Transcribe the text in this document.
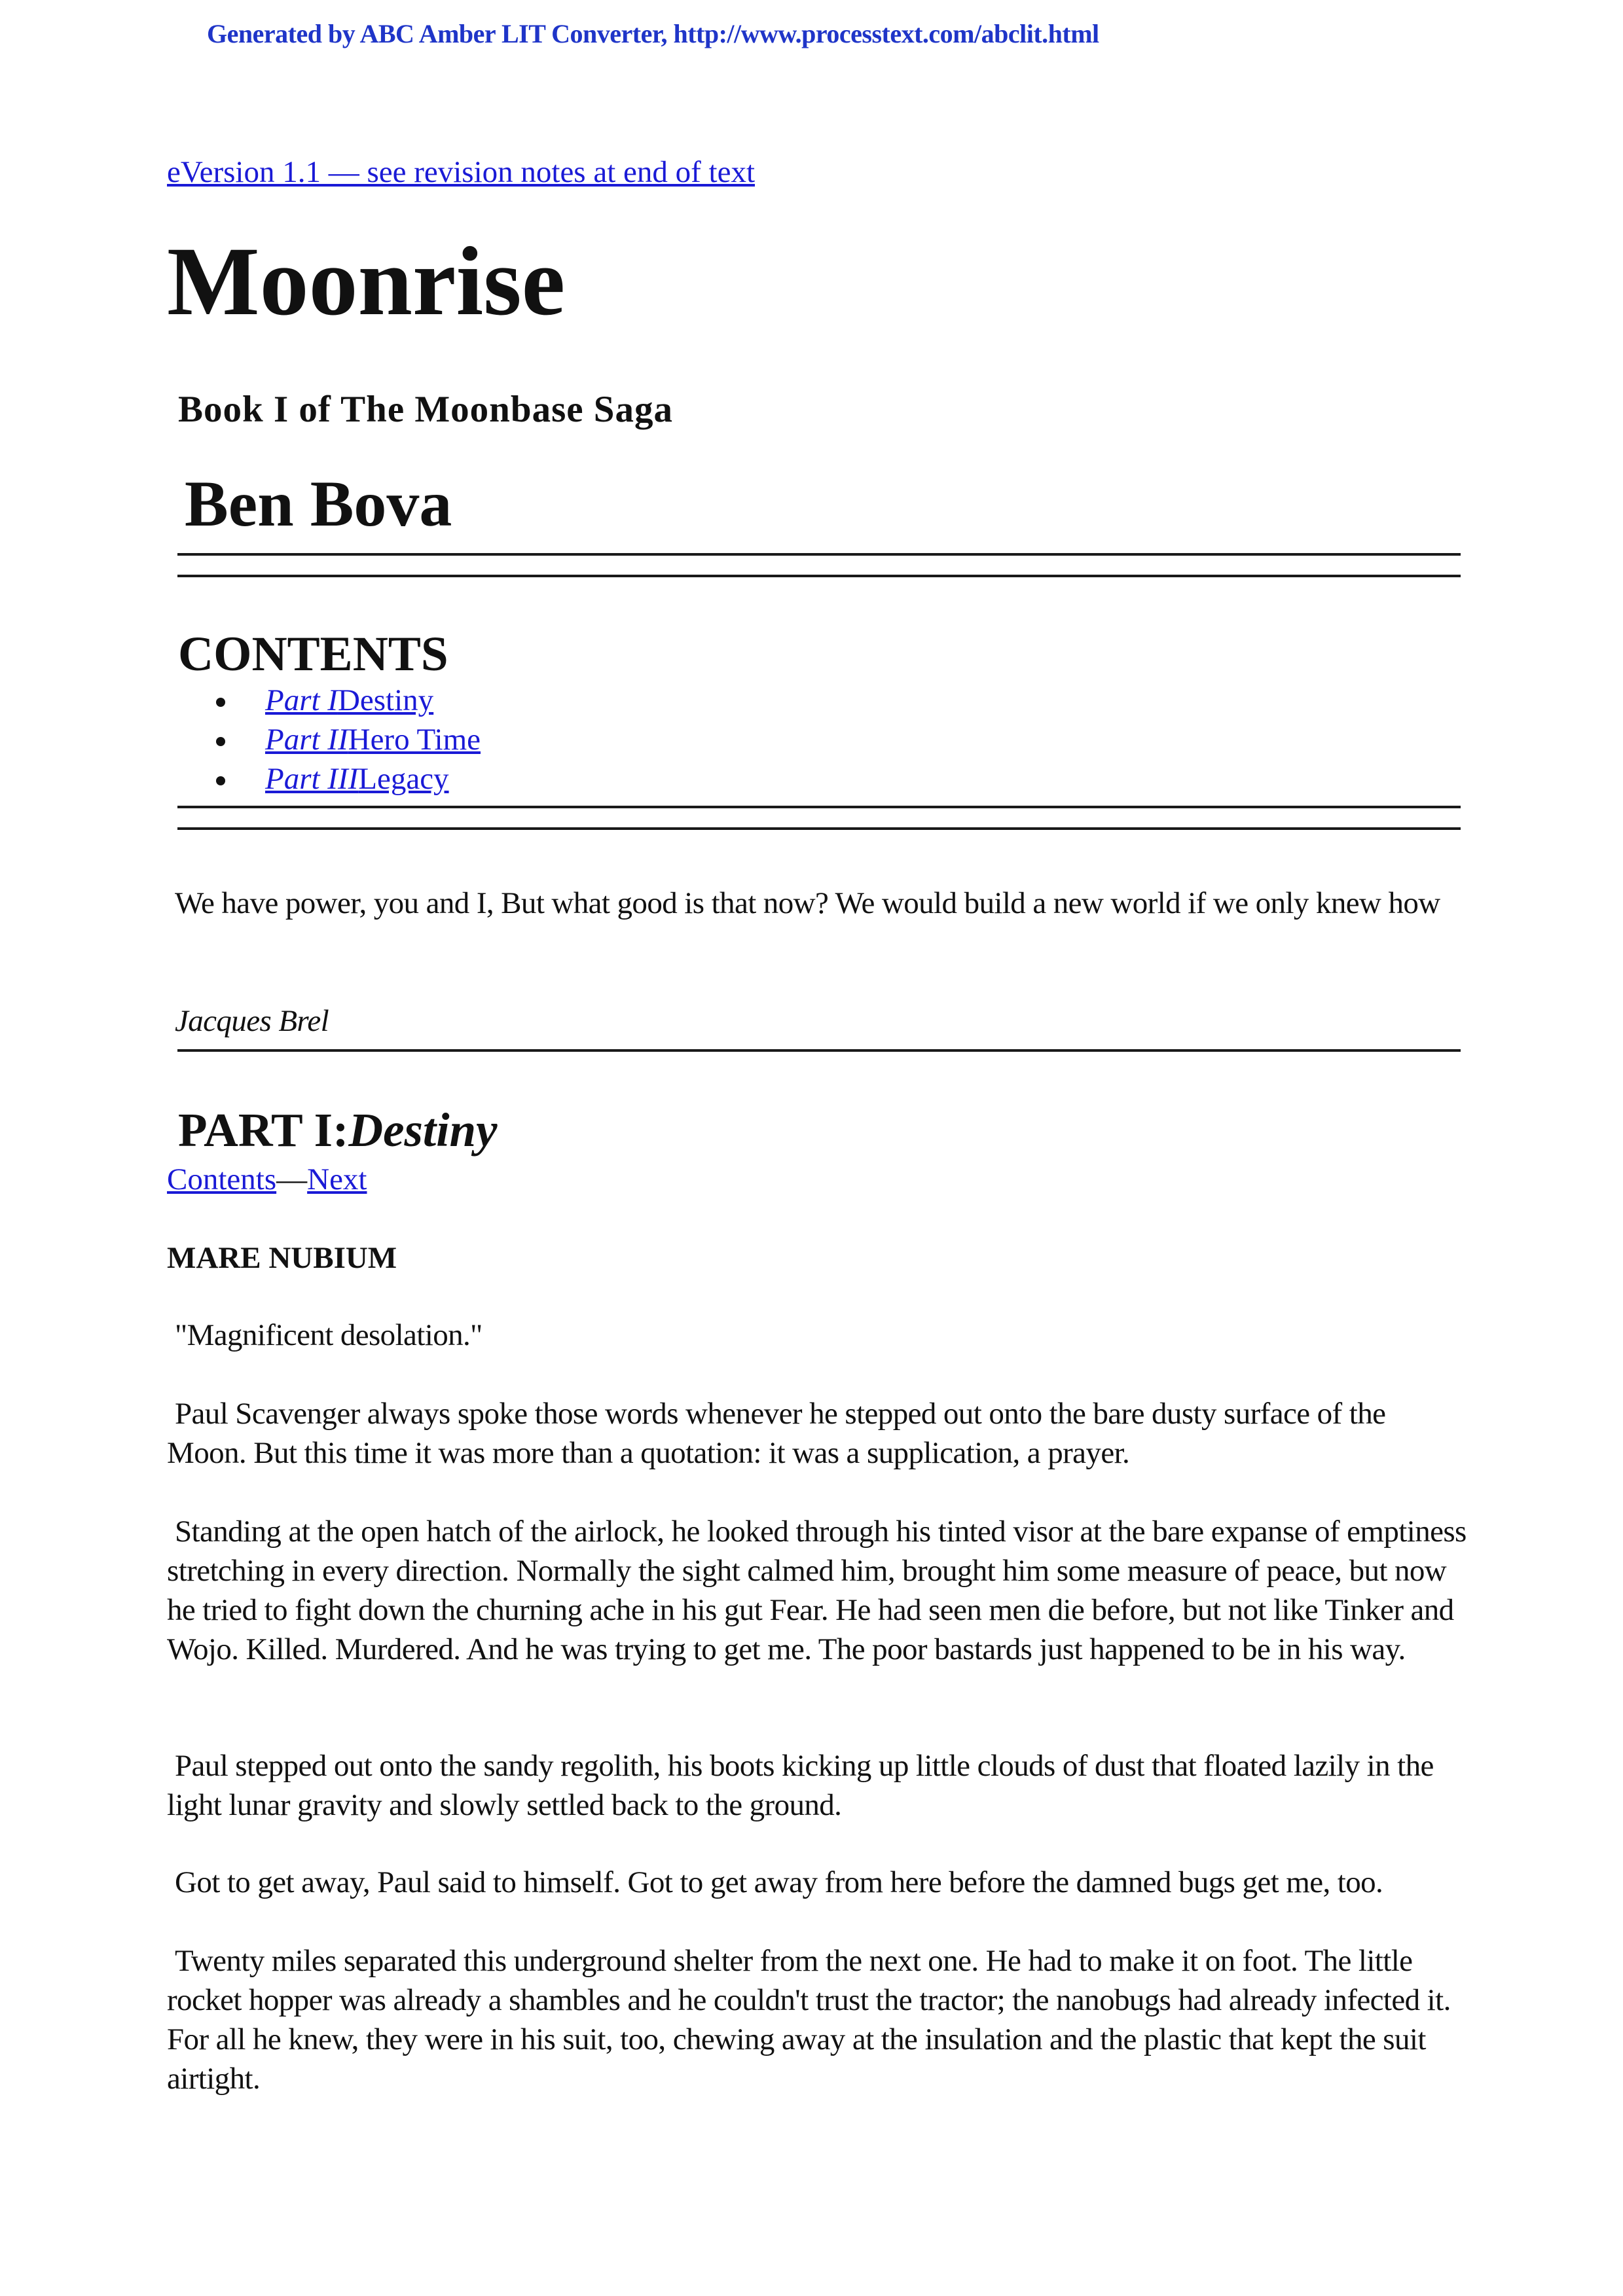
Generated by ABC Amber LIT Converter, http://www.processtext.com/abclit.html
eVersion 1.1 — see revision notes at end of text
Moonrise
Book I of The Moonbase Saga
Ben Bova
CONTENTS
Part IDestiny
Part IIHero Time
Part IIILegacy

We have power, you and I, But what good is that now? We would build a new world if we only knew how

Jacques Brel

PART I:Destiny
Contents—Next
MARE NUBIUM

"Magnificent desolation."

Paul Scavenger always spoke those words whenever he stepped out onto the bare dusty surface of the Moon. But this time it was more than a quotation: it was a supplication, a prayer.

Standing at the open hatch of the airlock, he looked through his tinted visor at the bare expanse of emptiness stretching in every direction. Normally the sight calmed him, brought him some measure of peace, but now he tried to fight down the churning ache in his gut Fear. He had seen men die before, but not like Tinker and Wojo. Killed. Murdered. And he was trying to get me. The poor bastards just happened to be in his way.

Paul stepped out onto the sandy regolith, his boots kicking up little clouds of dust that floated lazily in the light lunar gravity and slowly settled back to the ground.

Got to get away, Paul said to himself. Got to get away from here before the damned bugs get me, too.

Twenty miles separated this underground shelter from the next one. He had to make it on foot. The little rocket hopper was already a shambles and he couldn't trust the tractor; the nanobugs had already infected it. For all he knew, they were in his suit, too, chewing away at the insulation and the plastic that kept the suit airtight.
